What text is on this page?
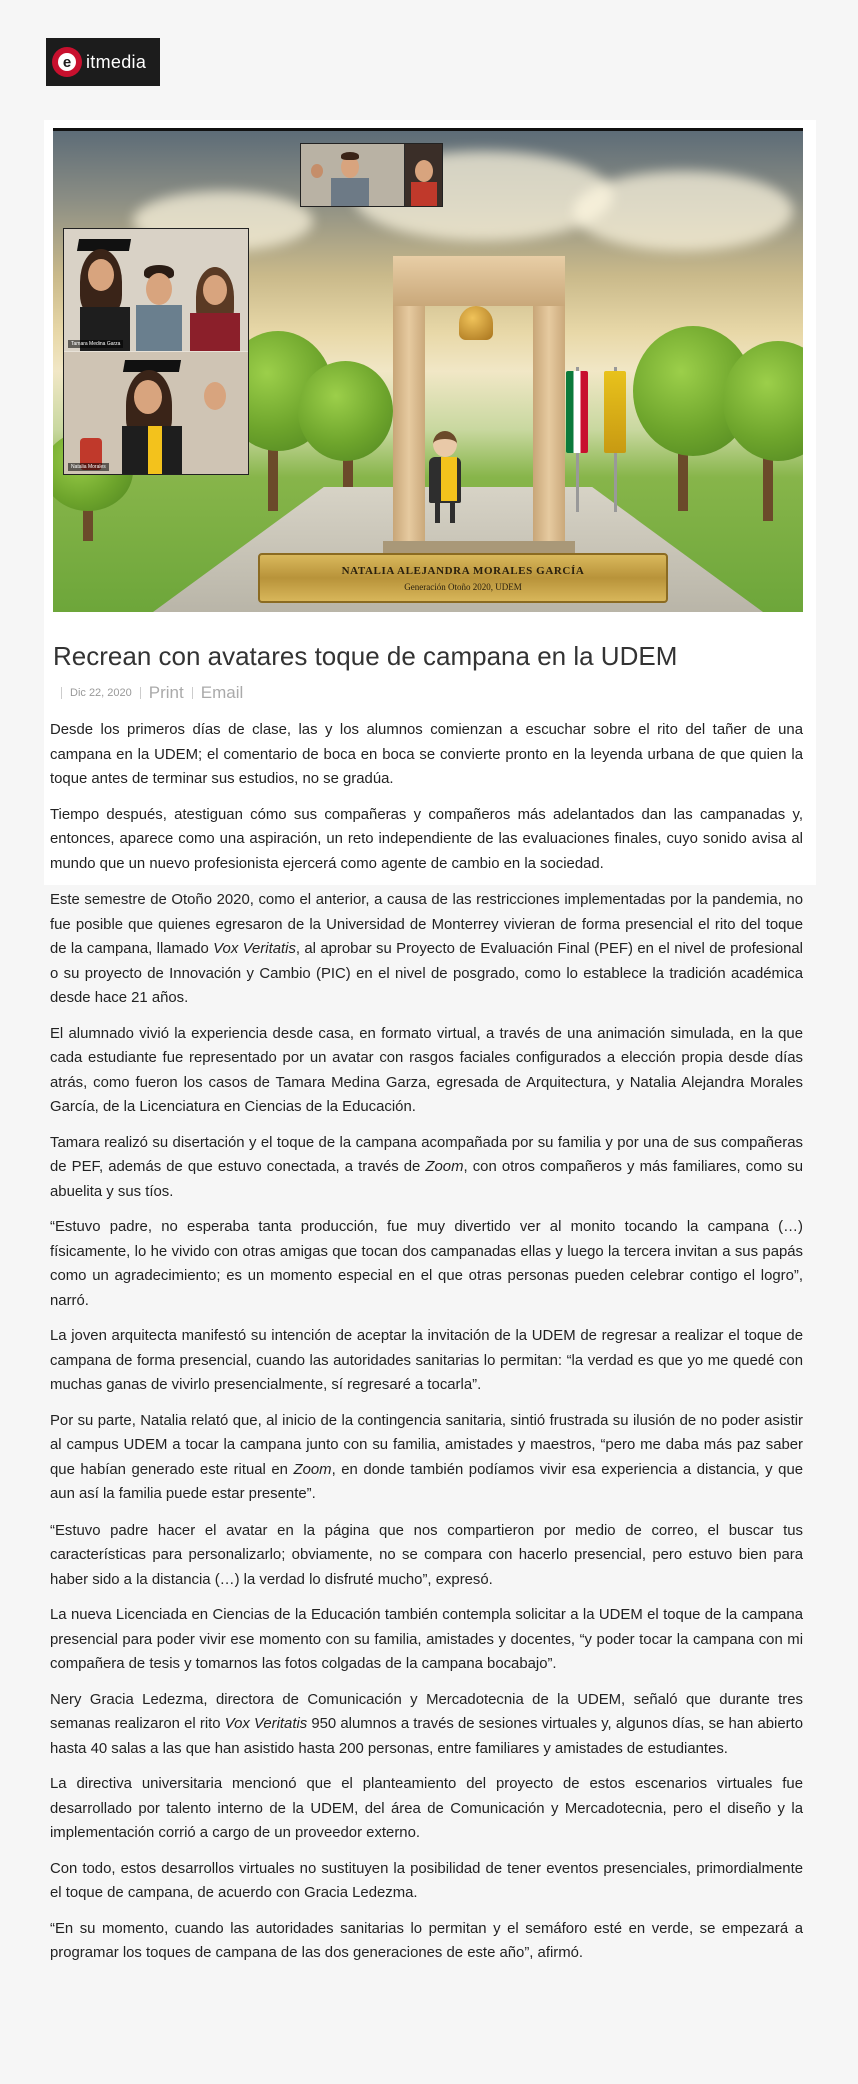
e itmedia
NATALIA ALEJANDRA MORALES GARCÍA
Generación Otoño 2020, UDEM
Tamara Medina Garza
Natalia Morales
Recrean con avatares toque de campana en la UDEM
Dic 22, 2020 Print Email

Desde los primeros días de clase, las y los alumnos comienzan a escuchar sobre el rito del tañer de una campana en la UDEM; el comentario de boca en boca se convierte pronto en la leyenda urbana de que quien la toque antes de terminar sus estudios, no se gradúa.

Tiempo después, atestiguan cómo sus compañeras y compañeros más adelantados dan las campanadas y, entonces, aparece como una aspiración, un reto independiente de las evaluaciones finales, cuyo sonido avisa al mundo que un nuevo profesionista ejercerá como agente de cambio en la sociedad.

Este semestre de Otoño 2020, como el anterior, a causa de las restricciones implementadas por la pandemia, no fue posible que quienes egresaron de la Universidad de Monterrey vivieran de forma presencial el rito del toque de la campana, llamado Vox Veritatis, al aprobar su Proyecto de Evaluación Final (PEF) en el nivel de profesional o su proyecto de Innovación y Cambio (PIC) en el nivel de posgrado, como lo establece la tradición académica desde hace 21 años.

El alumnado vivió la experiencia desde casa, en formato virtual, a través de una animación simulada, en la que cada estudiante fue representado por un avatar con rasgos faciales configurados a elección propia desde días atrás, como fueron los casos de Tamara Medina Garza, egresada de Arquitectura, y Natalia Alejandra Morales García, de la Licenciatura en Ciencias de la Educación.

Tamara realizó su disertación y el toque de la campana acompañada por su familia y por una de sus compañeras de PEF, además de que estuvo conectada, a través de Zoom, con otros compañeros y más familiares, como su abuelita y sus tíos.

“Estuvo padre, no esperaba tanta producción, fue muy divertido ver al monito tocando la campana (…) físicamente, lo he vivido con otras amigas que tocan dos campanadas ellas y luego la tercera invitan a sus papás como un agradecimiento; es un momento especial en el que otras personas pueden celebrar contigo el logro”, narró.

La joven arquitecta manifestó su intención de aceptar la invitación de la UDEM de regresar a realizar el toque de campana de forma presencial, cuando las autoridades sanitarias lo permitan: “la verdad es que yo me quedé con muchas ganas de vivirlo presencialmente, sí regresaré a tocarla”.

Por su parte, Natalia relató que, al inicio de la contingencia sanitaria, sintió frustrada su ilusión de no poder asistir al campus UDEM a tocar la campana junto con su familia, amistades y maestros, “pero me daba más paz saber que habían generado este ritual en Zoom, en donde también podíamos vivir esa experiencia a distancia, y que aun así la familia puede estar presente”.

“Estuvo padre hacer el avatar en la página que nos compartieron por medio de correo, el buscar tus características para personalizarlo; obviamente, no se compara con hacerlo presencial, pero estuvo bien para haber sido a la distancia (…) la verdad lo disfruté mucho”, expresó.

La nueva Licenciada en Ciencias de la Educación también contempla solicitar a la UDEM el toque de la campana presencial para poder vivir ese momento con su familia, amistades y docentes, “y poder tocar la campana con mi compañera de tesis y tomarnos las fotos colgadas de la campana bocabajo”.

Nery Gracia Ledezma, directora de Comunicación y Mercadotecnia de la UDEM, señaló que durante tres semanas realizaron el rito Vox Veritatis 950 alumnos a través de sesiones virtuales y, algunos días, se han abierto hasta 40 salas a las que han asistido hasta 200 personas, entre familiares y amistades de estudiantes.

La directiva universitaria mencionó que el planteamiento del proyecto de estos escenarios virtuales fue desarrollado por talento interno de la UDEM, del área de Comunicación y Mercadotecnia, pero el diseño y la implementación corrió a cargo de un proveedor externo.

Con todo, estos desarrollos virtuales no sustituyen la posibilidad de tener eventos presenciales, primordialmente el toque de campana, de acuerdo con Gracia Ledezma.

“En su momento, cuando las autoridades sanitarias lo permitan y el semáforo esté en verde, se empezará a programar los toques de campana de las dos generaciones de este año”, afirmó.
